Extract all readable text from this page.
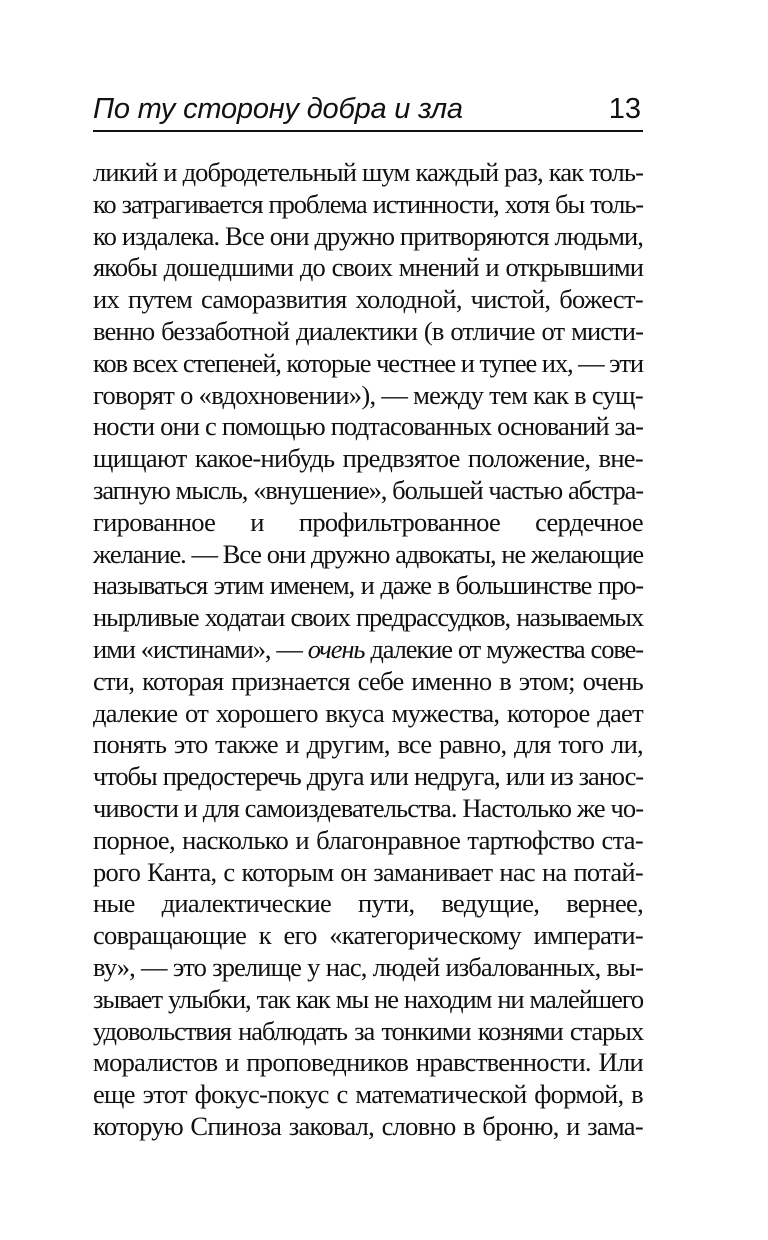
По ту сторону добра и зла	13
ликий и добродетельный шум каждый раз, как толь-
ко затрагивается проблема истинности, хотя бы толь-
ко издалека. Все они дружно притворяются людьми,
якобы дошедшими до своих мнений и открывшими
их путем саморазвития холодной, чистой, божест-
венно беззаботной диалектики (в отличие от мисти-
ков всех степеней, которые честнее и тупее их, — эти
говорят о «вдохновении»), — между тем как в сущ-
ности они с помощью подтасованных оснований за-
щищают какое-нибудь предвзятое положение, вне-
запную мысль, «внушение», большей частью абстра-
гированное и профильтрованное сердечное
желание. — Все они дружно адвокаты, не желающие
называться этим именем, и даже в большинстве про-
нырливые ходатаи своих предрассудков, называемых
ими «истинами», — очень далекие от мужества сове-
сти, которая признается себе именно в этом; очень
далекие от хорошего вкуса мужества, которое дает
понять это также и другим, все равно, для того ли,
чтобы предостеречь друга или недруга, или из занос-
чивости и для самоиздевательства. Настолько же чо-
порное, насколько и благонравное тартюфство ста-
рого Канта, с которым он заманивает нас на потай-
ные диалектические пути, ведущие, вернее,
совращающие к его «категорическому императи-
ву», — это зрелище у нас, людей избалованных, вы-
зывает улыбки, так как мы не находим ни малейшего
удовольствия наблюдать за тонкими кознями старых
моралистов и проповедников нравственности. Или
еще этот фокус-покус с математической формой, в
которую Спиноза заковал, словно в броню, и зама-
